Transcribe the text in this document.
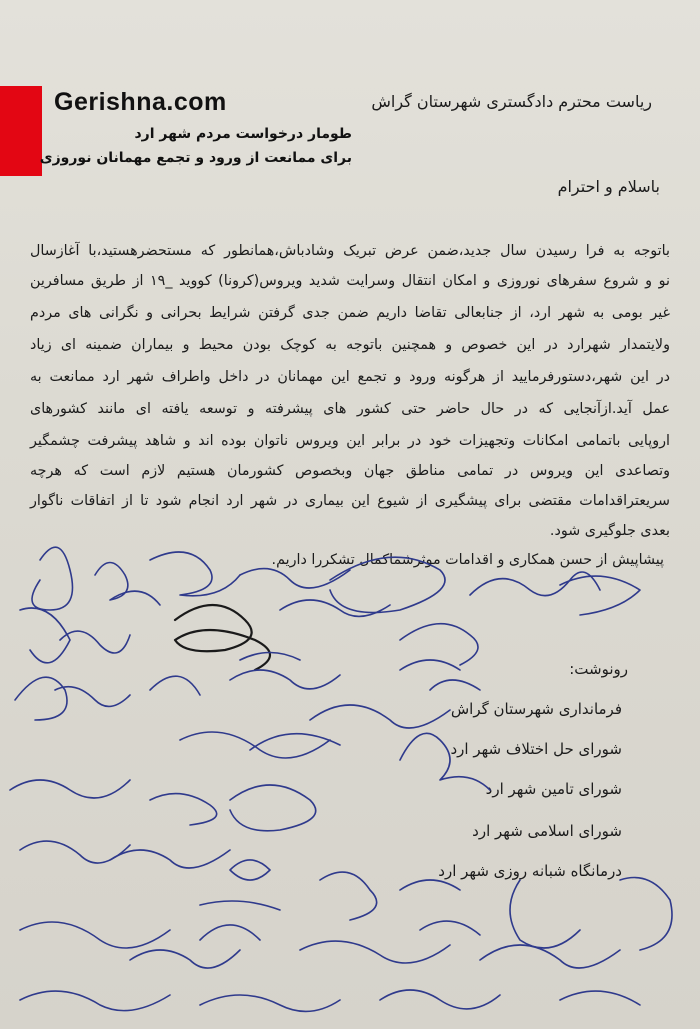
ریاست محترم دادگستری شهرستان گراش
باسلام و احترام
باتوجه به فرا رسیدن سال جدید،ضمن عرض تبریک وشادباش،همانطور که مستحضرهستید،با آغازسال
نو و شروع سفرهای نوروزی و امکان انتقال وسرایت شدید ویروس(کرونا) کووید _۱۹ از طریق مسافرین
غیر بومی به شهر ارد، از جنابعالی تقاضا داریم ضمن جدی گرفتن شرایط بحرانی و نگرانی های مردم
ولایتمدار شهرارد در این خصوص و همچنین باتوجه به کوچک بودن محیط و بیماران ضمینه ای زیاد
در این شهر،دستورفرمایید از هرگونه ورود و تجمع این مهمانان در داخل واطراف شهر ارد ممانعت به
عمل آید.ازآنجایی که در حال حاضر حتی کشور های پیشرفته و توسعه یافته ای مانند کشورهای
اروپایی باتمامی امکانات وتجهیزات خود در برابر این ویروس ناتوان بوده اند و شاهد پیشرفت چشمگیر
وتصاعدی این ویروس در تمامی مناطق جهان وبخصوص کشورمان هستیم لازم است که هرچه
سریعتراقدامات مقتضی برای پیشگیری از شیوع این بیماری در شهر ارد انجام شود تا از اتفاقات ناگوار
بعدی جلوگیری شود.
پیشاپیش از حسن همکاری و اقدامات موثرشماکمال تشکررا داریم.
رونوشت:
فرمانداری شهرستان گراش
شورای حل اختلاف شهر ارد
شورای تامین شهر ارد
شورای اسلامی شهر ارد
درمانگاه شبانه روزی شهر ارد
Gerishna.com
طومار درخواست مردم شهر ارد
برای ممانعت از ورود و تجمع مهمانان نوروزی
